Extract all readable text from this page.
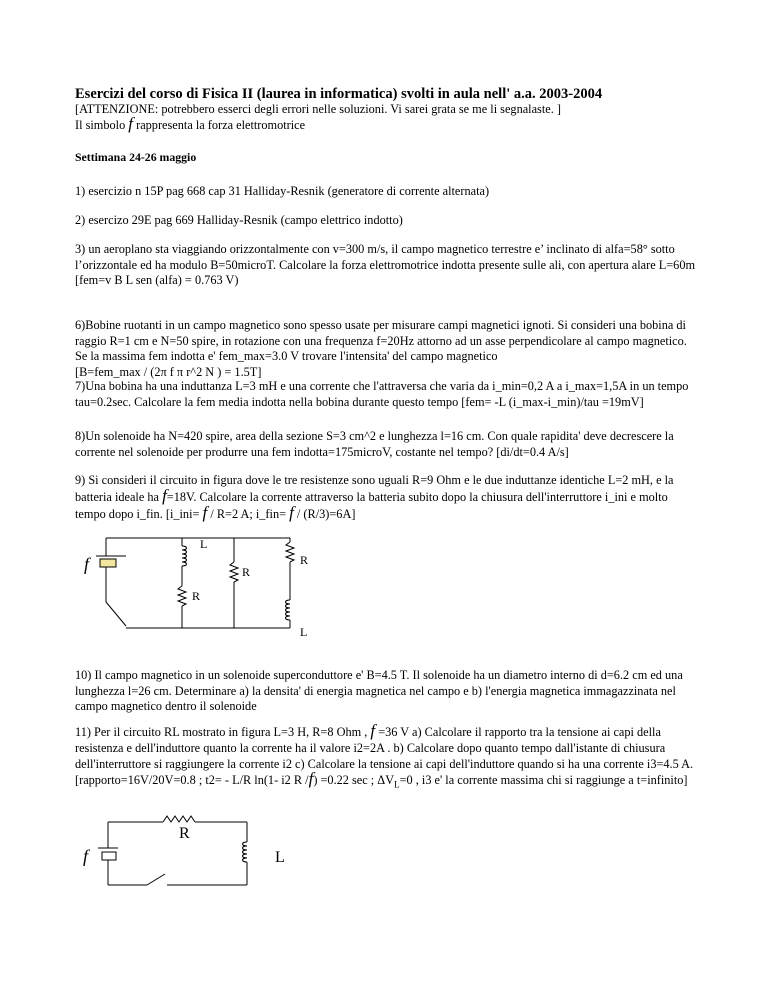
Esercizi del corso di Fisica II (laurea in informatica) svolti in aula nell' a.a. 2003-2004

[ATTENZIONE: potrebbero esserci degli errori nelle soluzioni. Vi sarei grata se me li segnalaste. ]

Il simbolo f rappresenta la forza elettromotrice

Settimana 24-26 maggio

1) esercizio n 15P pag 668 cap 31 Halliday-Resnik (generatore di corrente alternata)

2) esercizo 29E pag 669 Halliday-Resnik (campo elettrico indotto)

3) un aeroplano sta viaggiando orizzontalmente con v=300 m/s, il campo magnetico terrestre e’ inclinato di alfa=58° sotto l’orizzontale ed ha modulo B=50microT. Calcolare la forza elettromotrice indotta presente sulle ali, con apertura alare L=60m [fem=v B L sen (alfa) = 0.763 V)

6)Bobine ruotanti in un campo magnetico sono spesso usate per misurare campi magnetici ignoti. Si consideri una bobina di raggio R=1 cm e N=50 spire, in rotazione con una frequenza f=20Hz attorno ad un asse perpendicolare al campo magnetico. Se la massima fem indotta e' fem_max=3.0 V trovare l'intensita' del campo magnetico
[B=fem_max / (2π f π r^2 N ) = 1.5T]

7)Una bobina ha una induttanza L=3 mH e una corrente che l'attraversa che varia da i_min=0,2 A a i_max=1,5A in un tempo tau=0.2sec. Calcolare la fem media indotta nella bobina durante questo tempo [fem= -L (i_max-i_min)/tau =19mV]

8)Un solenoide ha N=420 spire, area della sezione S=3 cm^2 e lunghezza l=16 cm. Con quale rapidita' deve decrescere la corrente nel solenoide per produrre una fem indotta=175microV, costante nel tempo? [di/dt=0.4 A/s]

9) Si consideri il circuito in figura dove le tre resistenze sono uguali R=9 Ohm e le due induttanze identiche L=2 mH, e la batteria ideale ha f=18V. Calcolare la corrente attraverso la batteria subito dopo la chiusura dell'interruttore i_ini e molto tempo dopo i_fin. [i_ini= f / R=2 A; i_fin= f / (R/3)=6A]

L
R
R
R
L
f

10) Il campo magnetico in un solenoide superconduttore e' B=4.5 T. Il solenoide ha un diametro interno di d=6.2 cm ed una lunghezza l=26 cm. Determinare a) la densita' di energia magnetica nel campo e b) l'energia magnetica immagazzinata nel campo magnetico dentro il solenoide

11) Per il circuito RL mostrato in figura L=3 H, R=8 Ohm , f =36 V a) Calcolare il rapporto tra la tensione ai capi della resistenza e dell'induttore quanto la corrente ha il valore i2=2A . b) Calcolare dopo quanto tempo dall'istante di chiusura dell'interruttore si raggiungere la corrente i2 c) Calcolare la tensione ai capi dell'induttore quando si ha una corrente i3=4.5 A. [rapporto=16V/20V=0.8 ; t2= - L/R ln(1- i2 R /f) =0.22 sec ; $\Delta V_L=0$ , i3 e' la corrente massima chi si raggiunge a t=infinito]

R
L
f
